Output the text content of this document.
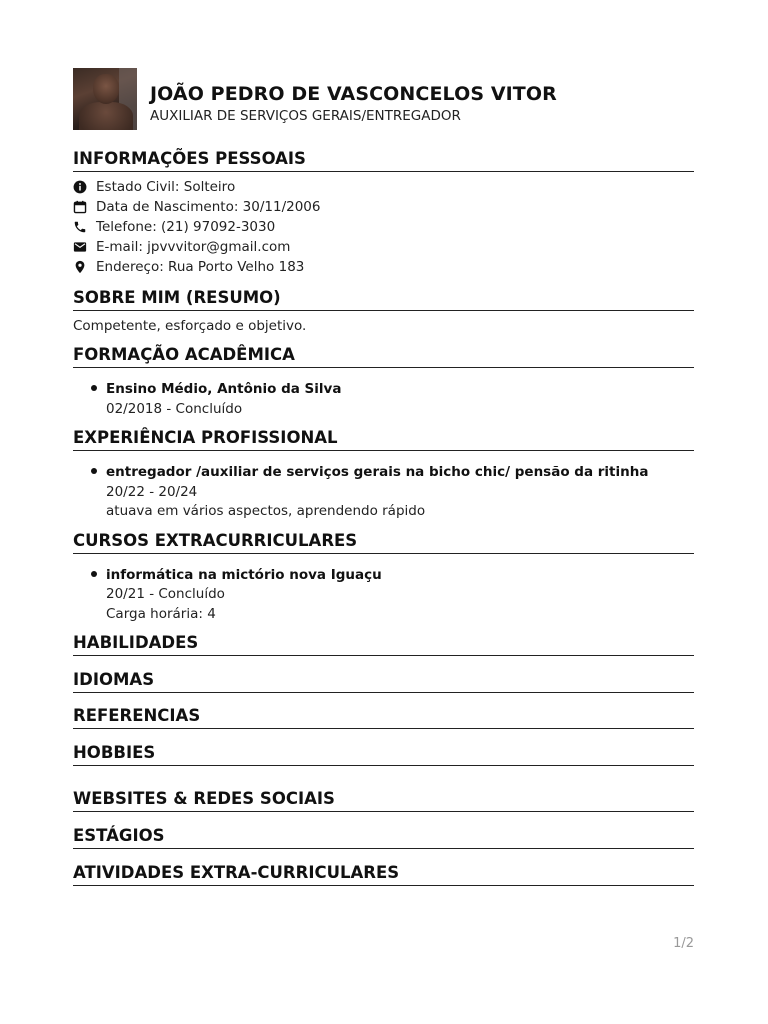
JOÃO PEDRO DE VASCONCELOS VITOR
AUXILIAR DE SERVIÇOS GERAIS/ENTREGADOR
INFORMAÇÕES PESSOAIS
Estado Civil: Solteiro
Data de Nascimento: 30/11/2006
Telefone: (21) 97092-3030
E-mail: jpvvvitor@gmail.com
Endereço: Rua Porto Velho 183
SOBRE MIM (RESUMO)
Competente, esforçado e objetivo.
FORMAÇÃO ACADÊMICA
Ensino Médio, Antônio da Silva
02/2018 - Concluído
EXPERIÊNCIA PROFISSIONAL
entregador /auxiliar de serviços gerais na bicho chic/ pensão da ritinha
20/22 - 20/24
atuava em vários aspectos, aprendendo rápido
CURSOS EXTRACURRICULARES
informática na mictório nova Iguaçu
20/21 - Concluído
Carga horária: 4
HABILIDADES
IDIOMAS
REFERENCIAS
HOBBIES
WEBSITES & REDES SOCIAIS
ESTÁGIOS
ATIVIDADES EXTRA-CURRICULARES
1/2
